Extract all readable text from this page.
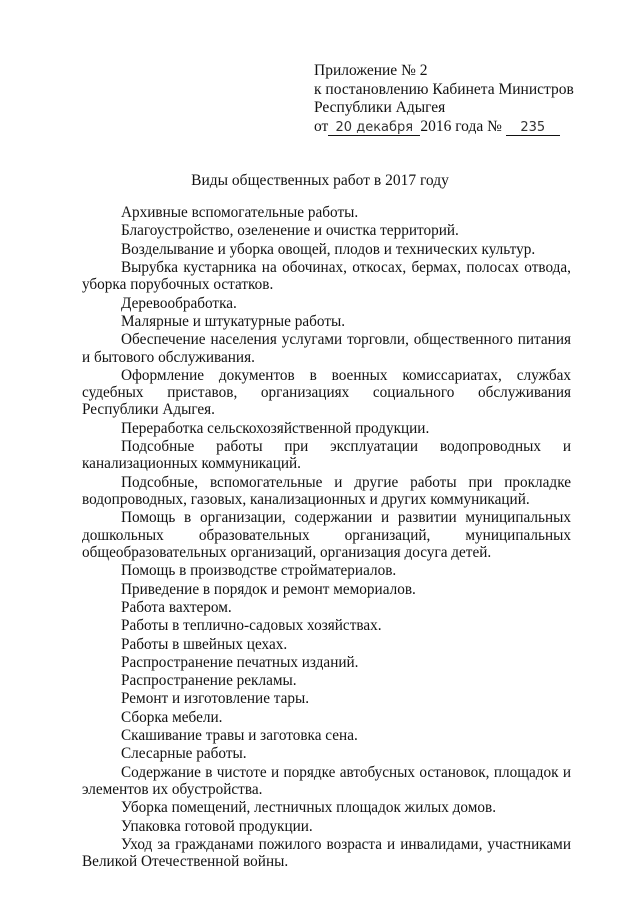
Приложение № 2
к постановлению Кабинета Министров
Республики Адыгея
от 20 декабря 2016 года № 235
Виды общественных работ в 2017 году

Архивные вспомогательные работы.

Благоустройство, озеленение и очистка территорий.

Возделывание и уборка овощей, плодов и технических культур.

Вырубка кустарника на обочинах, откосах, бермах, полосах отвода, уборка порубочных остатков.

Деревообработка.

Малярные и штукатурные работы.

Обеспечение населения услугами торговли, общественного питания и бытового обслуживания.

Оформление документов в военных комиссариатах, службах судебных приставов, организациях социального обслуживания Республики Адыгея.

Переработка сельскохозяйственной продукции.

Подсобные работы при эксплуатации водопроводных и канализационных коммуникаций.

Подсобные, вспомогательные и другие работы при прокладке водопроводных, газовых, канализационных и других коммуникаций.

Помощь в организации, содержании и развитии муниципальных дошкольных образовательных организаций, муниципальных общеобразовательных организаций, организация досуга детей.

Помощь в производстве стройматериалов.

Приведение в порядок и ремонт мемориалов.

Работа вахтером.

Работы в теплично-садовых хозяйствах.

Работы в швейных цехах.

Распространение печатных изданий.

Распространение рекламы.

Ремонт и изготовление тары.

Сборка мебели.

Скашивание травы и заготовка сена.

Слесарные работы.

Содержание в чистоте и порядке автобусных остановок, площадок и элементов их обустройства.

Уборка помещений, лестничных площадок жилых домов.

Упаковка готовой продукции.

Уход за гражданами пожилого возраста и инвалидами, участниками Великой Отечественной войны.
